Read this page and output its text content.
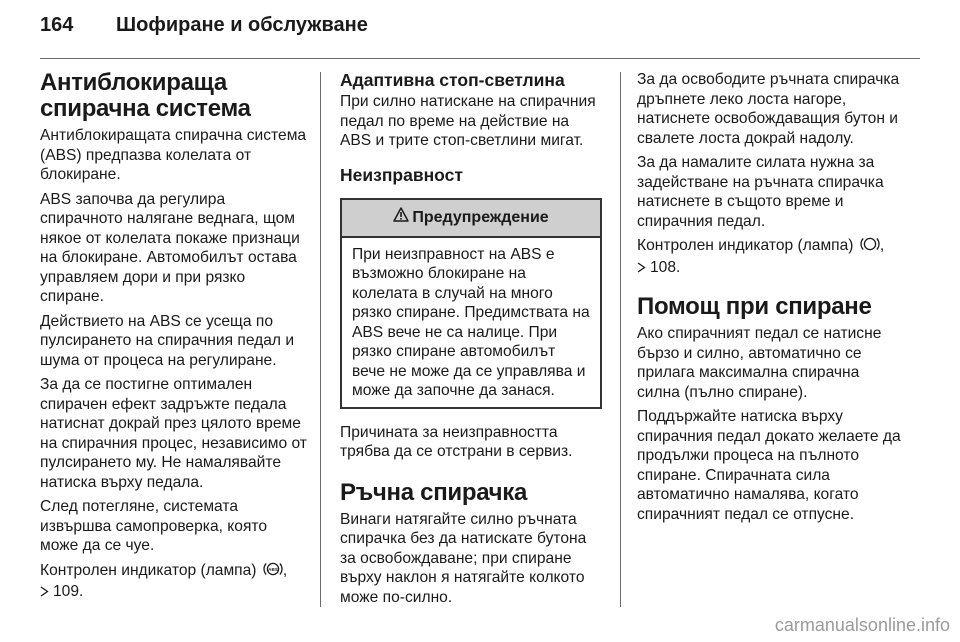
164 Шофиране и обслужване
Антиблокираща
спирачна система

Антиблокиращата спирачна система (ABS) предпазва колелата от блокиране.

ABS започва да регулира спирачното налягане веднага, щом някое от колелата покаже признаци на блокиране. Автомобилът остава управляем дори и при рязко спиране.

Действието на ABS се усеща по пулсирането на спирачния педал и шума от процеса на регулиране.

За да се постигне оптимален спирачен ефект задръжте педала натиснат докрай през цялото време на спирачния процес, независимо от пулсирането му. Не намалявайте натиска върху педала.

След потегляне, системата извършва самопроверка, която може да се чуе.

Контролен индикатор (лампа) ABS ,
109.

Адаптивна стоп-светлина

При силно натискане на спирачния педал по време на действие на ABS и трите стоп-светлини мигат.

Неизправност
Предупреждение

При неизправност на ABS е възможно блокиране на колелата в случай на много рязко спиране. Предимствата на ABS вече не са налице. При рязко спиране автомобилът вече не може да се управлява и може да започне да занася.

Причината за неизправността трябва да се отстрани в сервиз.

Ръчна спирачка

Винаги натягайте силно ръчната спирачка без да натискате бутона за освобождаване; при спиране върху наклон я натягайте колкото може по-силно.

За да освободите ръчната спирачка дръпнете леко лоста нагоре, натиснете освобождаващия бутон и свалете лоста докрай надолу.

За да намалите силата нужна за задействане на ръчната спирачка натиснете в същото време и спирачния педал.

Контролен индикатор (лампа) ,
108.

Помощ при спиране

Ако спирачният педал се натисне бързо и силно, автоматично се прилага максимална спирачна силна (пълно спиране).

Поддържайте натиска върху спирачния педал докато желаете да продължи процеса на пълното спиране. Спирачната сила автоматично намалява, когато спирачният педал се отпусне.

carmanualsonline.info
